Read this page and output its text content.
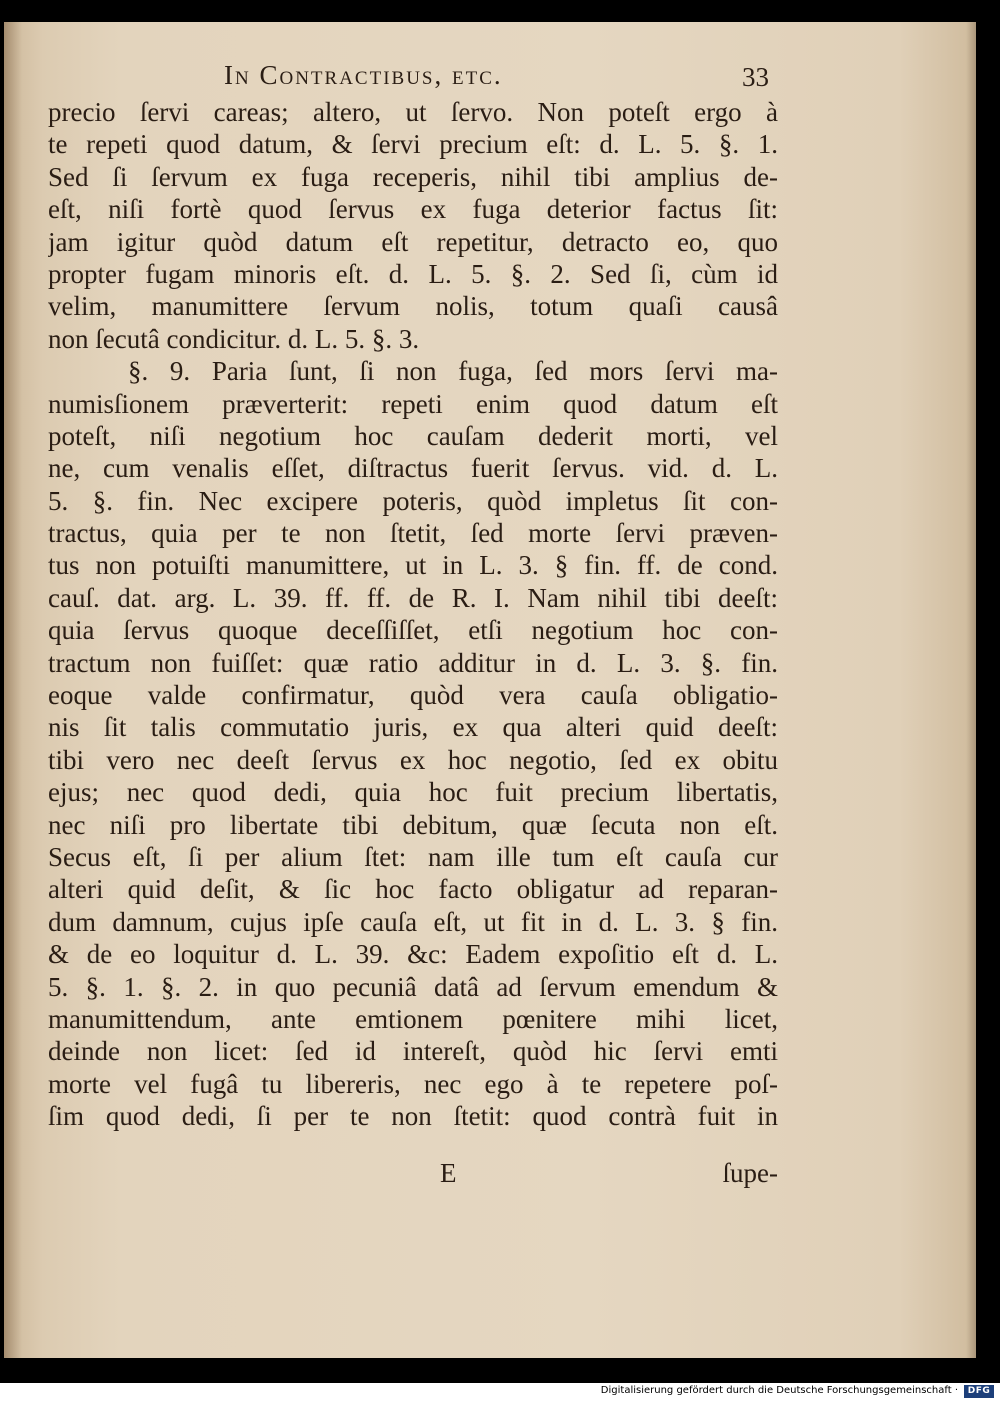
In Contractibus, etc.	33
precio ſervi careas; altero, ut ſervo. Non poteſt ergo à
te repeti quod datum, & ſervi precium eſt: d. L. 5. §. 1.
Sed ſi ſervum ex fuga receperis, nihil tibi amplius de-
eſt, niſi fortè quod ſervus ex fuga deterior factus ſit:
jam igitur quòd datum eſt repetitur, detracto eo, quo
propter fugam minoris eſt. d. L. 5. §. 2. Sed ſi, cùm id
velim, manumittere ſervum nolis, totum quaſi causâ
non ſecutâ condicitur. d. L. 5. §. 3.
§. 9. Paria ſunt, ſi non fuga, ſed mors ſervi ma-
numisſionem præverterit: repeti enim quod datum eſt
poteſt, niſi negotium hoc cauſam dederit morti, vel
ne, cum venalis eſſet, diſtractus fuerit ſervus. vid. d. L.
5. §. fin. Nec excipere poteris, quòd impletus ſit con-
tractus, quia per te non ſtetit, ſed morte ſervi præven-
tus non potuiſti manumittere, ut in L. 3. § fin. ff. de cond.
cauſ. dat. arg. L. 39. ff. ff. de R. I. Nam nihil tibi deeſt:
quia ſervus quoque deceſſiſſet, etſi negotium hoc con-
tractum non fuiſſet: quæ ratio additur in d. L. 3. §. fin.
eoque valde confirmatur, quòd vera cauſa obligatio-
nis ſit talis commutatio juris, ex qua alteri quid deeſt:
tibi vero nec deeſt ſervus ex hoc negotio, ſed ex obitu
ejus; nec quod dedi, quia hoc fuit precium libertatis,
nec niſi pro libertate tibi debitum, quæ ſecuta non eſt.
Secus eſt, ſi per alium ſtet: nam ille tum eſt cauſa cur
alteri quid deſit, & ſic hoc facto obligatur ad reparan-
dum damnum, cujus ipſe cauſa eſt, ut fit in d. L. 3. § fin.
& de eo loquitur d. L. 39. &c: Eadem expoſitio eſt d. L.
5. §. 1. §. 2. in quo pecuniâ datâ ad ſervum emendum &
manumittendum, ante emtionem pœnitere mihi licet,
deinde non licet: ſed id intereſt, quòd hic ſervi emti
morte vel fugâ tu libereris, nec ego à te repetere poſ-
ſim quod dedi, ſi per te non ſtetit: quod contrà fuit in
E	ſupe-
Digitalisierung gefördert durch die Deutsche Forschungsgemeinschaft ·	DFG
